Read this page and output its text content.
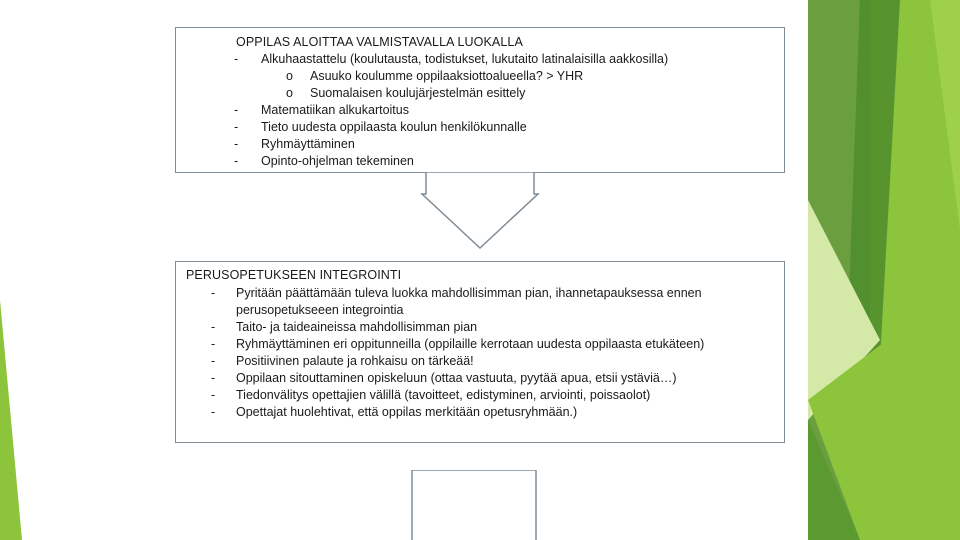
OPPILAS ALOITTAA VALMISTAVALLA LUOKALLA
- Alkuhaastattelu (koulutausta, todistukset, lukutaito latinalaisilla aakkosilla)
o Asuuko koulumme oppilaaksiottoalueella? > YHR
o Suomalaisen koulujärjestelmän esittely
- Matematiikan alkukartoitus
- Tieto uudesta oppilaasta koulun henkilökunnalle
- Ryhmäyttäminen
- Opinto-ohjelman tekeminen
PERUSOPETUKSEEN INTEGROINTI
- Pyritään päättämään tuleva luokka mahdollisimman pian, ihannetapauksessa ennen
perusopetukseeen integrointia
- Taito- ja taideaineissa mahdollisimman pian
- Ryhmäyttäminen eri oppitunneilla (oppilaille kerrotaan uudesta oppilaasta etukäteen)
- Positiivinen palaute ja rohkaisu on tärkeää!
- Oppilaan sitouttaminen opiskeluun (ottaa vastuuta, pyytää apua, etsii ystäviä…)
- Tiedonvälitys opettajien välillä (tavoitteet, edistyminen, arviointi, poissaolot)
- Opettajat huolehtivat, että oppilas merkitään opetusryhmään.)
